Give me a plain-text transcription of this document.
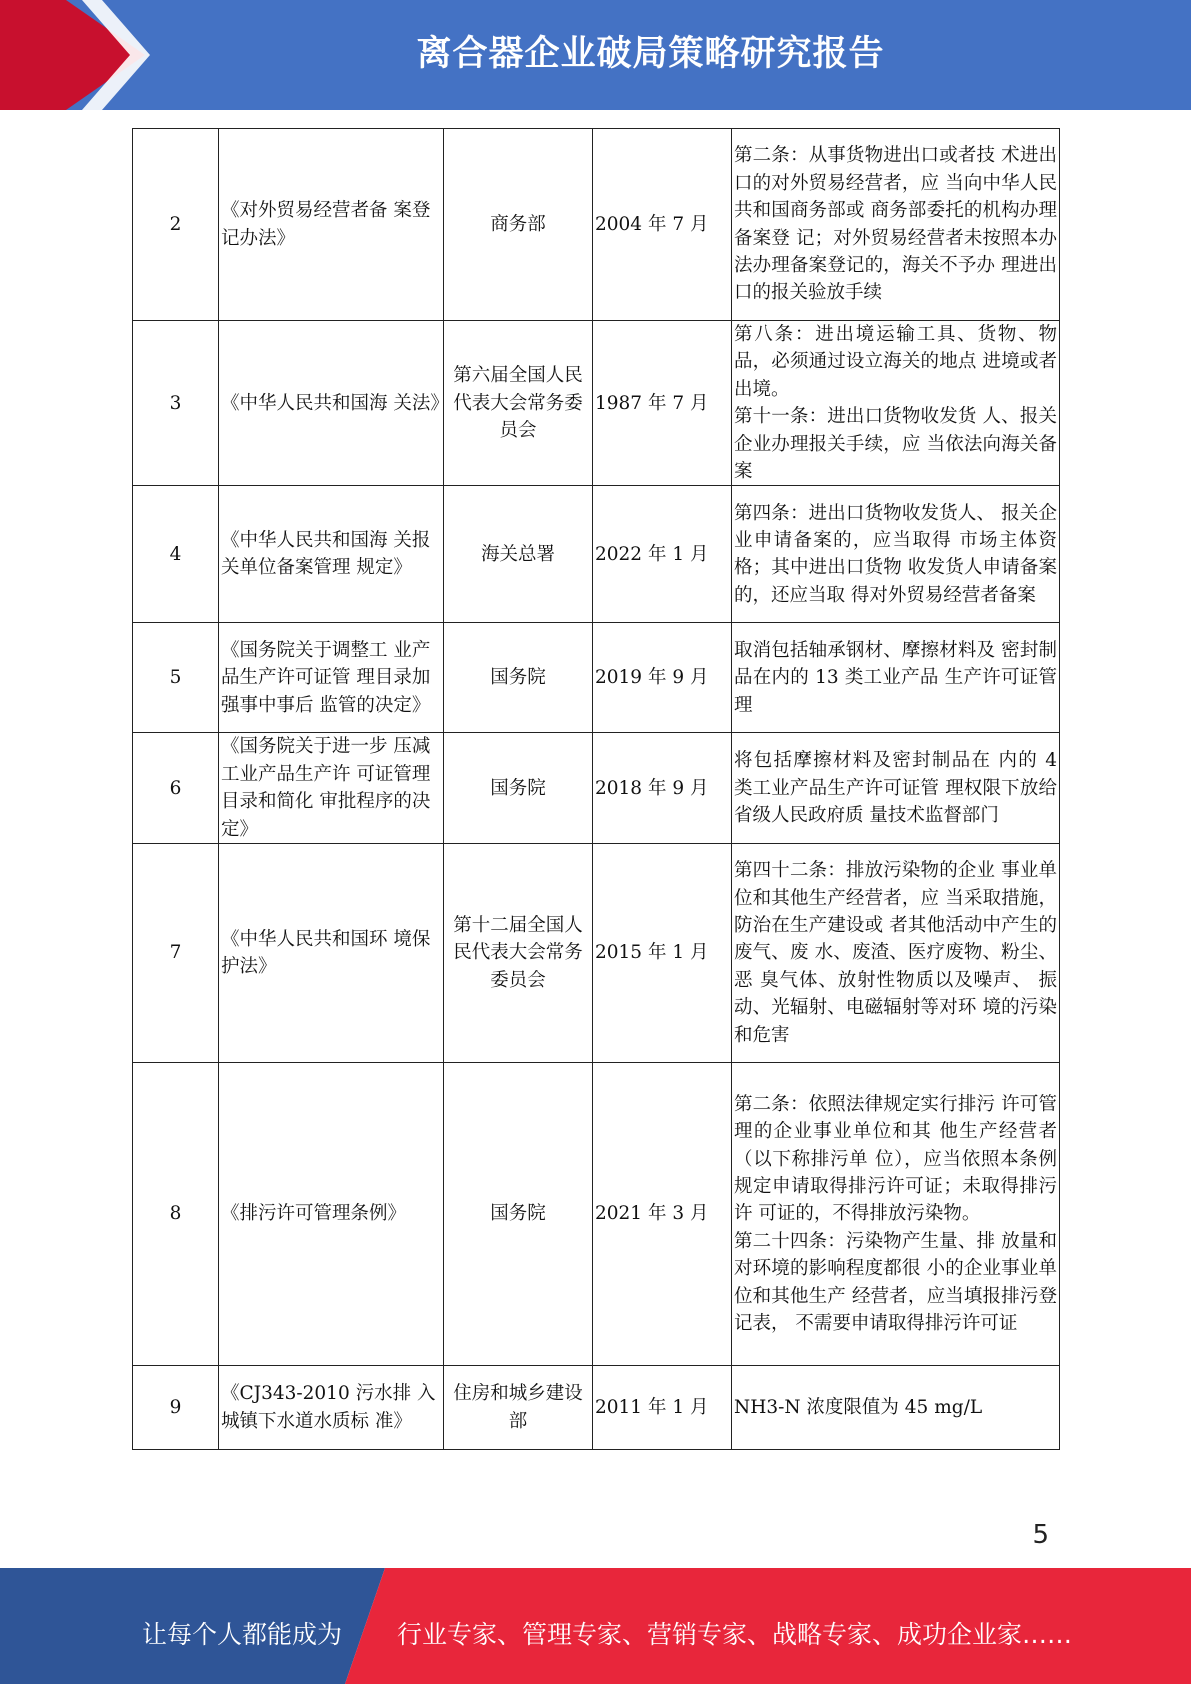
离合器企业破局策略研究报告
2	《对外贸易经营者备 案登记办法》	商务部	2004 年 7 月	第二条：从事货物进出口或者技 术进出口的对外贸易经营者，应 当向中华人民共和国商务部或 商务部委托的机构办理备案登 记；对外贸易经营者未按照本办 法办理备案登记的，海关不予办 理进出口的报关验放手续
3	《中华人民共和国海 关法》	第六届全国人民代表大会常务委员会	1987 年 7 月	第八条：进出境运输工具、货物、物品，必须通过设立海关的地点 进境或者出境。
第十一条：进出口货物收发货 人、报关企业办理报关手续，应 当依法向海关备案
4	《中华人民共和国海 关报关单位备案管理 规定》	海关总署	2022 年 1 月	第四条：进出口货物收发货人、 报关企业申请备案的，应当取得 市场主体资格；其中进出口货物 收发货人申请备案的，还应当取 得对外贸易经营者备案
5	《国务院关于调整工 业产品生产许可证管 理目录加强事中事后 监管的决定》	国务院	2019 年 9 月	取消包括轴承钢材、摩擦材料及 密封制品在内的 13 类工业产品 生产许可证管理
6	《国务院关于进一步 压减工业产品生产许 可证管理目录和简化 审批程序的决定》	国务院	2018 年 9 月	将包括摩擦材料及密封制品在 内的 4 类工业产品生产许可证管 理权限下放给省级人民政府质 量技术监督部门
7	《中华人民共和国环 境保护法》	第十二届全国人民代表大会常务委员会	2015 年 1 月	第四十二条：排放污染物的企业 事业单位和其他生产经营者，应 当采取措施，防治在生产建设或 者其他活动中产生的废气、废 水、废渣、医疗废物、粉尘、恶 臭气体、放射性物质以及噪声、 振动、光辐射、电磁辐射等对环 境的污染和危害
8	《排污许可管理条例》	国务院	2021 年 3 月	第二条：依照法律规定实行排污 许可管理的企业事业单位和其 他生产经营者（以下称排污单 位），应当依照本条例规定申请取得排污许可证；未取得排污许 可证的，不得排放污染物。
第二十四条：污染物产生量、排 放量和对环境的影响程度都很 小的企业事业单位和其他生产 经营者，应当填报排污登记表， 不需要申请取得排污许可证
9	《CJ343-2010 污水排 入城镇下水道水质标 准》	住房和城乡建设部	2011 年 1 月	NH3-N 浓度限值为 45 mg/L
5
让每个人都能成为 行业专家、管理专家、营销专家、战略专家、成功企业家……
